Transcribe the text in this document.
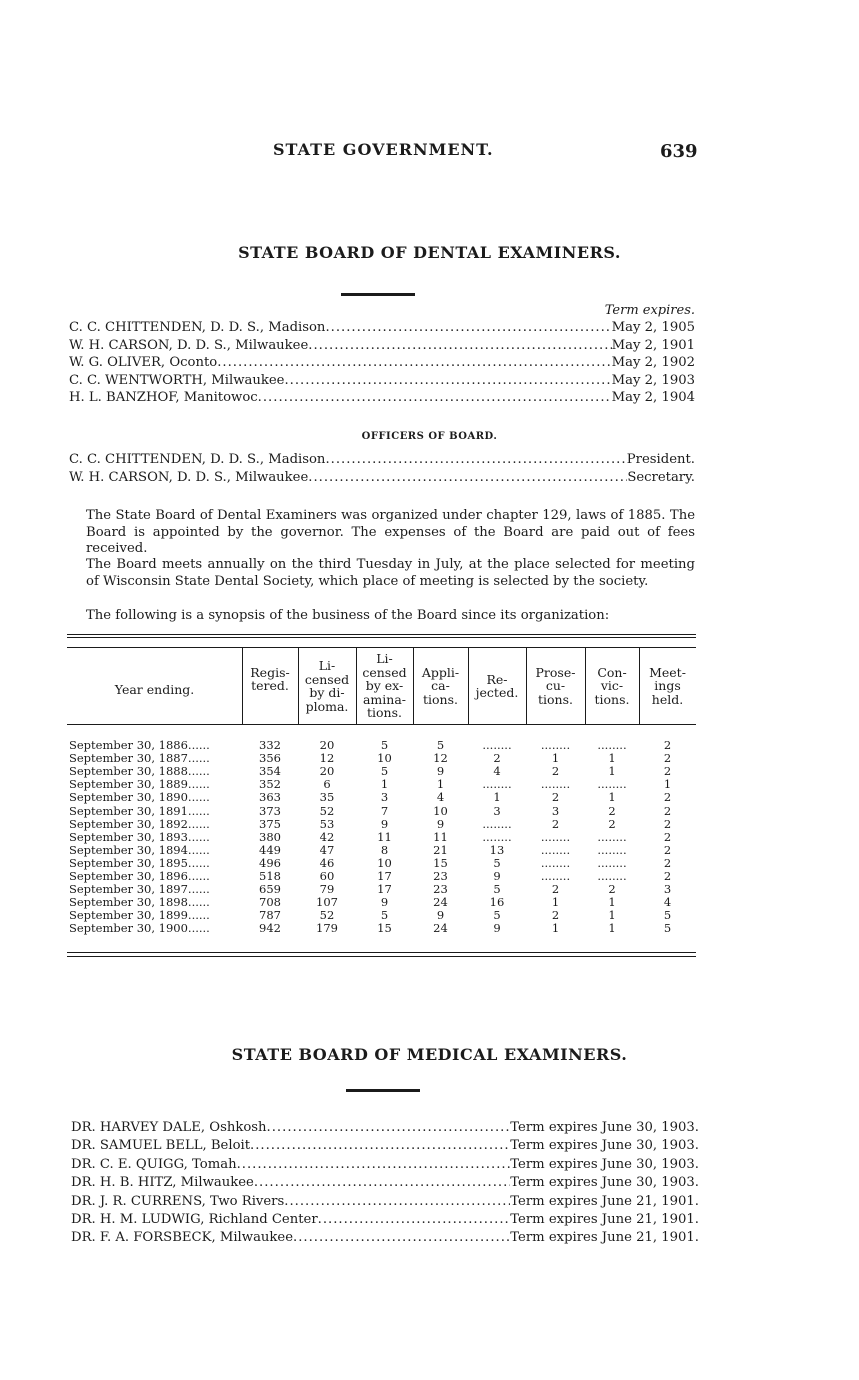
STATE GOVERNMENT.	639
STATE BOARD OF DENTAL EXAMINERS.
Term expires.
C. C. CHITTENDEN, D. D. S., Madison .....	May 2, 1905
W. H. CARSON, D. D. S., Milwaukee .....	May 2, 1901
W. G. OLIVER, Oconto .....	May 2, 1902
C. C. WENTWORTH, Milwaukee .....	May 2, 1903
H. L. BANZHOF, Manitowoc .....	May 2, 1904
OFFICERS OF BOARD.
C. C. CHITTENDEN, D. D. S., Madison .....	President.
W. H. CARSON, D. D. S., Milwaukee .....	Secretary.
The State Board of Dental Examiners was organized under chapter 129, laws of 1885. The Board is appointed by the governor. The expenses of the Board are paid out of fees received.
The Board meets annually on the third Tuesday in July, at the place selected for meeting of Wisconsin State Dental Society, which place of meeting is selected by the society.
The following is a synopsis of the business of the Board since its organization:
Year ending.
Regis- tered.
Li- censed by di- ploma.
Li- censed by ex- amina- tions.
Appli- ca- tions.
Re- jected.
Prose- cu- tions.
Con- vic- tions.
Meet- ings held.
September 30, 1886......	332	20	5	5	........	........	........	2
September 30, 1887......	356	12	10	12	2	1	1	2
September 30, 1888......	354	20	5	9	4	2	1	2
September 30, 1889......	352	6	1	1	........	........	........	1
September 30, 1890......	363	35	3	4	1	2	1	2
September 30, 1891......	373	52	7	10	3	3	2	2
September 30, 1892......	375	53	9	9	........	2	2	2
September 30, 1893......	380	42	11	11	........	........	........	2
September 30, 1894......	449	47	8	21	13	........	........	2
September 30, 1895......	496	46	10	15	5	........	........	2
September 30, 1896......	518	60	17	23	9	........	........	2
September 30, 1897......	659	79	17	23	5	2	2	3
September 30, 1898......	708	107	9	24	16	1	1	4
September 30, 1899......	787	52	5	9	5	2	1	5
September 30, 1900......	942	179	15	24	9	1	1	5
STATE BOARD OF MEDICAL EXAMINERS.
DR. HARVEY DALE, Oshkosh .....	Term expires June 30, 1903.
DR. SAMUEL BELL, Beloit .....	Term expires June 30, 1903.
DR. C. E. QUIGG, Tomah .....	Term expires June 30, 1903.
DR. H. B. HITZ, Milwaukee .....	Term expires June 30, 1903.
DR. J. R. CURRENS, Two Rivers .....	Term expires June 21, 1901.
DR. H. M. LUDWIG, Richland Center .....	Term expires June 21, 1901.
DR. F. A. FORSBECK, Milwaukee .....	Term expires June 21, 1901.
